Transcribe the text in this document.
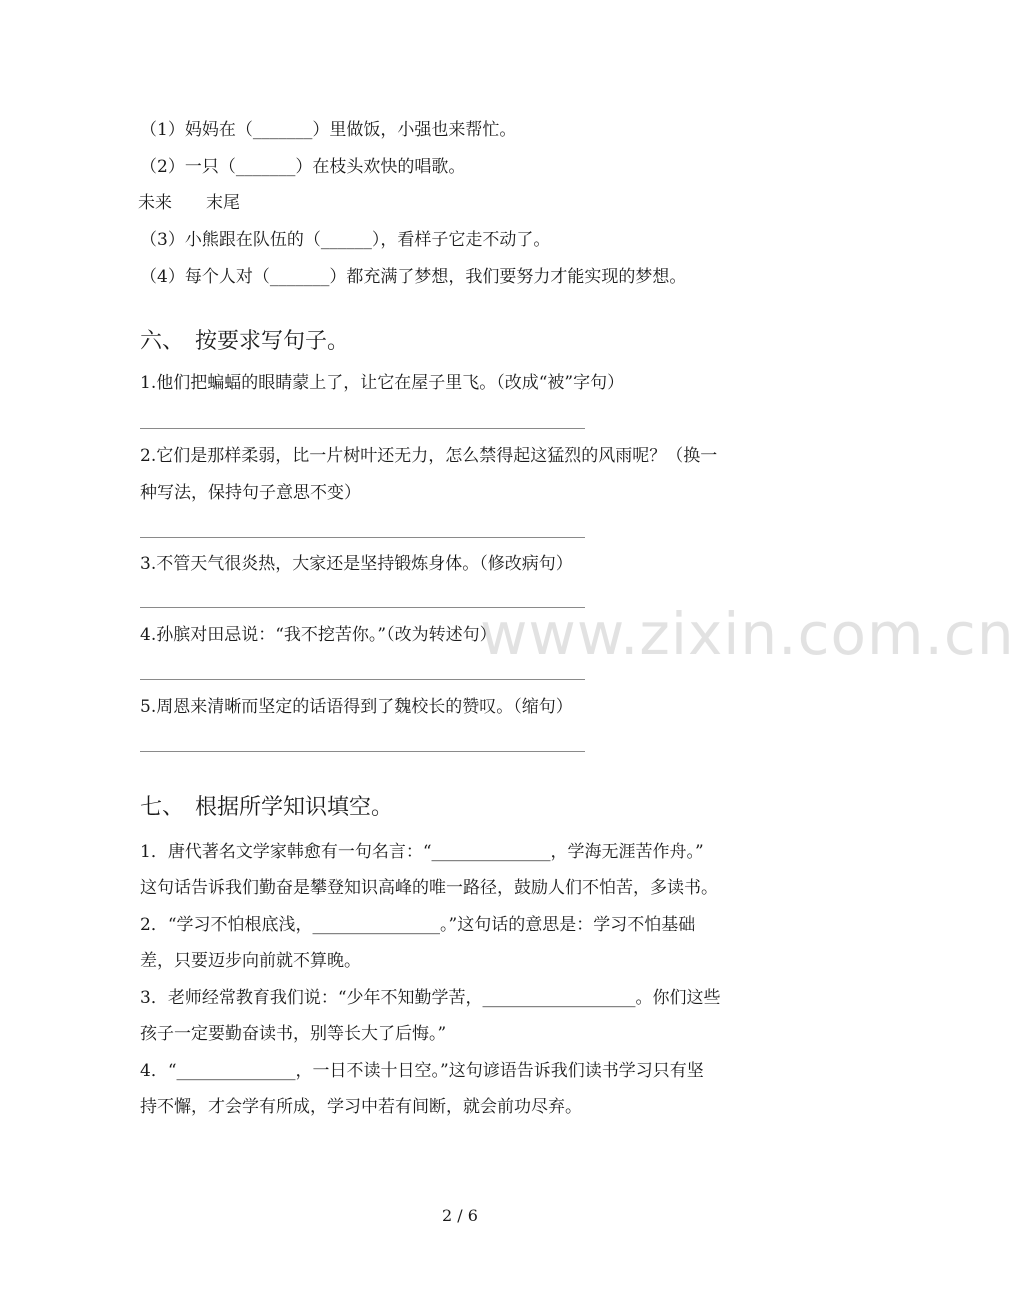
（1）妈妈在（_______）里做饭，小强也来帮忙。
（2）一只（_______）在枝头欢快的唱歌。
未来　　末尾
（3）小熊跟在队伍的（______），看样子它走不动了。
（4）每个人对（_______）都充满了梦想，我们要努力才能实现的梦想。
六、　按要求写句子。
1.他们把蝙蝠的眼睛蒙上了，让它在屋子里飞。（改成“被”字句）
2.它们是那样柔弱，比一片树叶还无力，怎么禁得起这猛烈的风雨呢？（换一
种写法，保持句子意思不变）
3.不管天气很炎热，大家还是坚持锻炼身体。（修改病句）
4.孙膑对田忌说：“我不挖苦你。”（改为转述句）
5.周恩来清晰而坚定的话语得到了魏校长的赞叹。（缩句）
七、　根据所学知识填空。
1．唐代著名文学家韩愈有一句名言：“______________，学海无涯苦作舟。”
这句话告诉我们勤奋是攀登知识高峰的唯一路径，鼓励人们不怕苦，多读书。
2．“学习不怕根底浅，_______________。”这句话的意思是：学习不怕基础
差，只要迈步向前就不算晚。
3．老师经常教育我们说：“少年不知勤学苦，__________________。你们这些
孩子一定要勤奋读书，别等长大了后悔。”
4．“______________，一日不读十日空。”这句谚语告诉我们读书学习只有坚
持不懈，才会学有所成，学习中若有间断，就会前功尽弃。
www.zixin.com.cn
2 / 6
